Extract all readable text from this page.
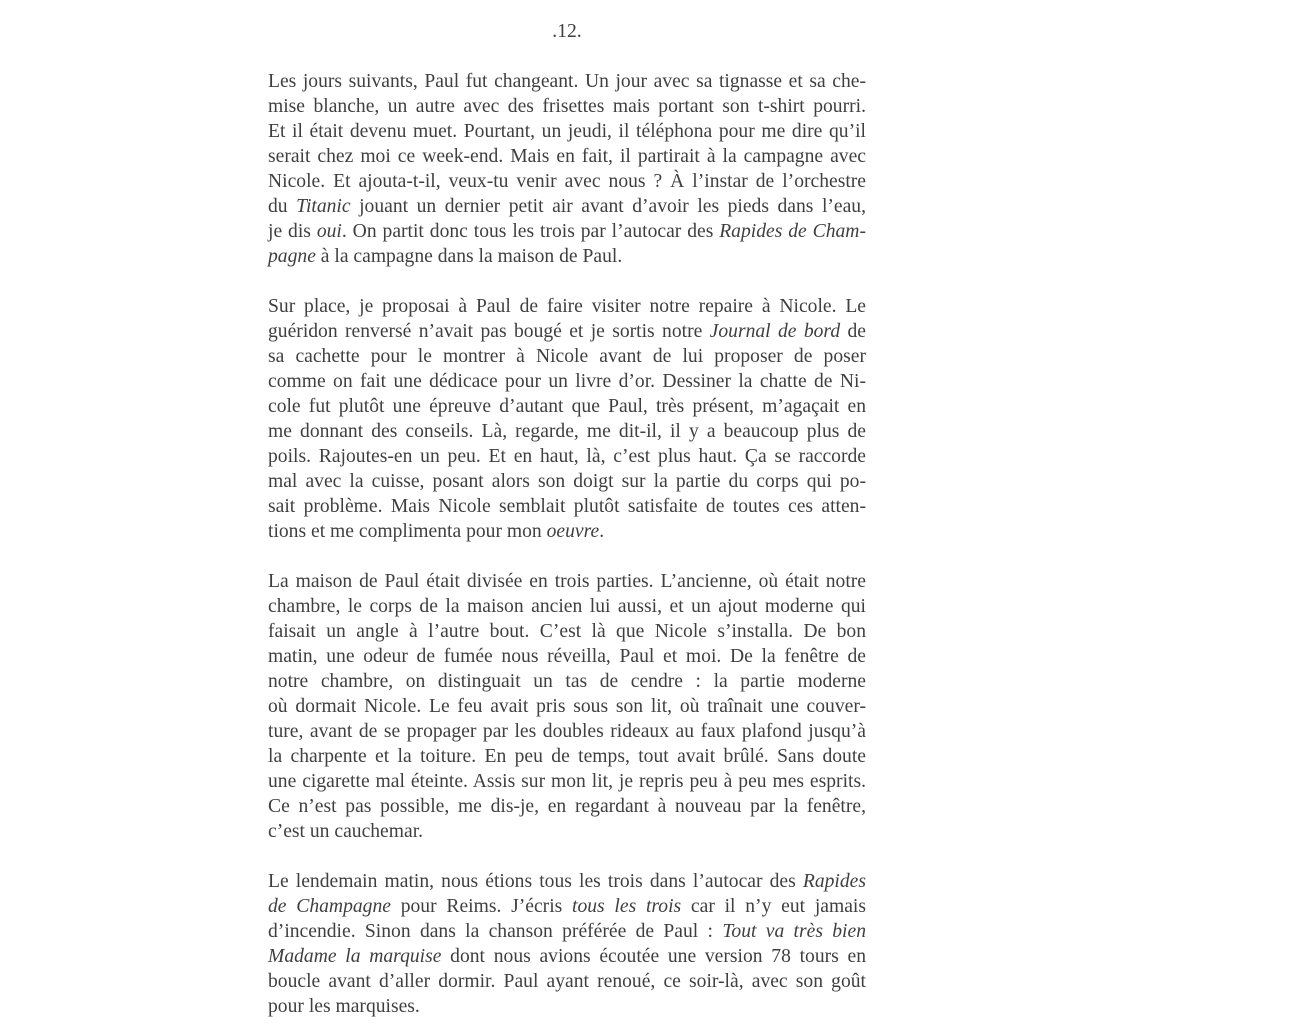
.12.

Les jours suivants, Paul fut changeant. Un jour avec sa tignasse et sa che-
mise blanche, un autre avec des frisettes mais portant son t-shirt pourri.
Et il était devenu muet. Pourtant, un jeudi, il téléphona pour me dire qu’il
serait chez moi ce week-end. Mais en fait, il partirait à la campagne avec
Nicole. Et ajouta-t-il, veux-tu venir avec nous ? À l’instar de l’orchestre
du Titanic jouant un dernier petit air avant d’avoir les pieds dans l’eau,
je dis oui. On partit donc tous les trois par l’autocar des Rapides de Cham-
pagne à la campagne dans la maison de Paul.
Sur place, je proposai à Paul de faire visiter notre repaire à Nicole. Le
guéridon renversé n’avait pas bougé et je sortis notre Journal de bord de
sa cachette pour le montrer à Nicole avant de lui proposer de poser
comme on fait une dédicace pour un livre d’or. Dessiner la chatte de Ni-
cole fut plutôt une épreuve d’autant que Paul, très présent, m’agaçait en
me donnant des conseils. Là, regarde, me dit-il, il y a beaucoup plus de
poils. Rajoutes-en un peu. Et en haut, là, c’est plus haut. Ça se raccorde
mal avec la cuisse, posant alors son doigt sur la partie du corps qui po-
sait problème. Mais Nicole semblait plutôt satisfaite de toutes ces atten-
tions et me complimenta pour mon oeuvre.
La maison de Paul était divisée en trois parties. L’ancienne, où était notre
chambre, le corps de la maison ancien lui aussi, et un ajout moderne qui
faisait un angle à l’autre bout. C’est là que Nicole s’installa. De bon
matin, une odeur de fumée nous réveilla, Paul et moi. De la fenêtre de
notre chambre, on distinguait un tas de cendre : la partie moderne
où dormait Nicole. Le feu avait pris sous son lit, où traînait une couver-
ture, avant de se propager par les doubles rideaux au faux plafond jusqu’à
la charpente et la toiture. En peu de temps, tout avait brûlé. Sans doute
une cigarette mal éteinte. Assis sur mon lit, je repris peu à peu mes esprits.
Ce n’est pas possible, me dis-je, en regardant à nouveau par la fenêtre,
c’est un cauchemar.
Le lendemain matin, nous étions tous les trois dans l’autocar des Rapides
de Champagne pour Reims. J’écris tous les trois car il n’y eut jamais
d’incendie. Sinon dans la chanson préférée de Paul : Tout va très bien
Madame la marquise dont nous avions écoutée une version 78 tours en
boucle avant d’aller dormir. Paul ayant renoué, ce soir-là, avec son goût
pour les marquises.
